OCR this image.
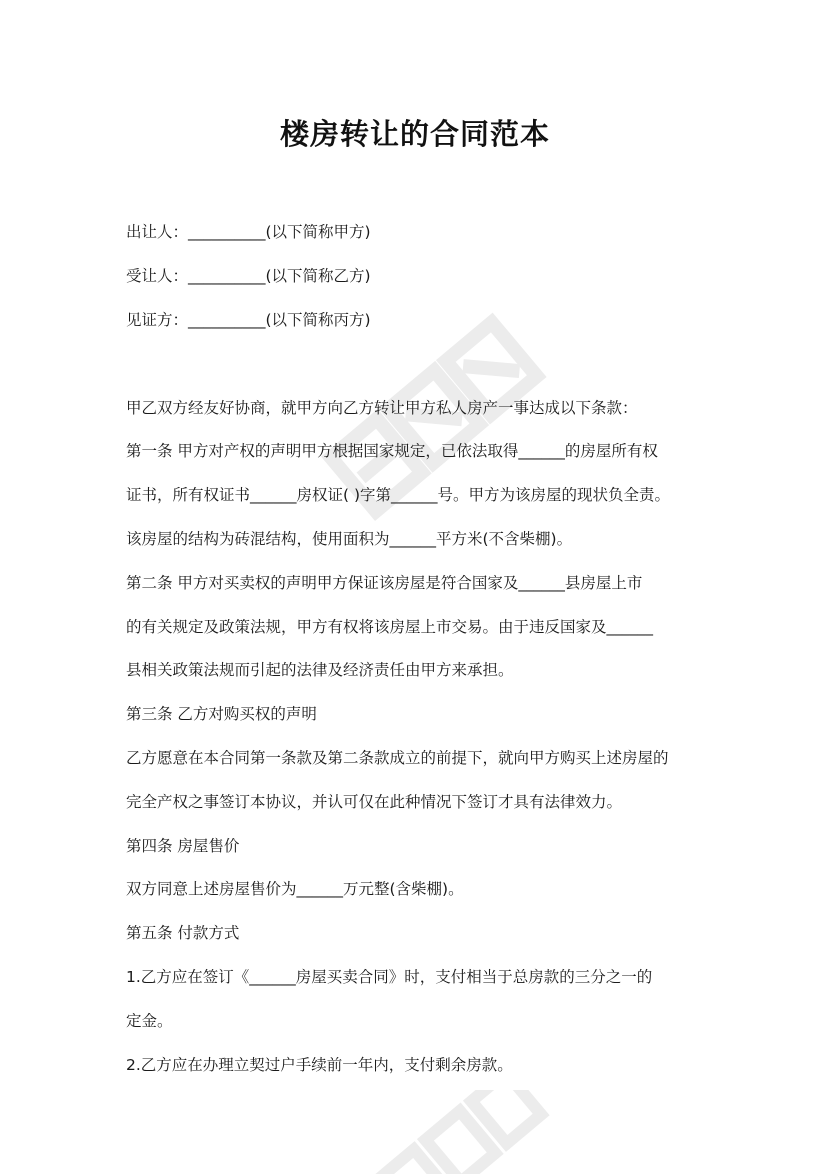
楼房转让的合同范本
出让人：__________(以下简称甲方)
受让人：__________(以下简称乙方)
见证方：__________(以下简称丙方)
甲乙双方经友好协商，就甲方向乙方转让甲方私人房产一事达成以下条款：
第一条 甲方对产权的声明甲方根据国家规定，已依法取得______的房屋所有权
证书，所有权证书______房权证( )字第______号。甲方为该房屋的现状负全责。
该房屋的结构为砖混结构，使用面积为______平方米(不含柴棚)。
第二条 甲方对买卖权的声明甲方保证该房屋是符合国家及______县房屋上市
的有关规定及政策法规，甲方有权将该房屋上市交易。由于违反国家及______
县相关政策法规而引起的法律及经济责任由甲方来承担。
第三条 乙方对购买权的声明
乙方愿意在本合同第一条款及第二条款成立的前提下，就向甲方购买上述房屋的
完全产权之事签订本协议，并认可仅在此种情况下签订才具有法律效力。
第四条 房屋售价
双方同意上述房屋售价为______万元整(含柴棚)。
第五条 付款方式
1.乙方应在签订《______房屋买卖合同》时，支付相当于总房款的三分之一的
定金。
2.乙方应在办理立契过户手续前一年内，支付剩余房款。
